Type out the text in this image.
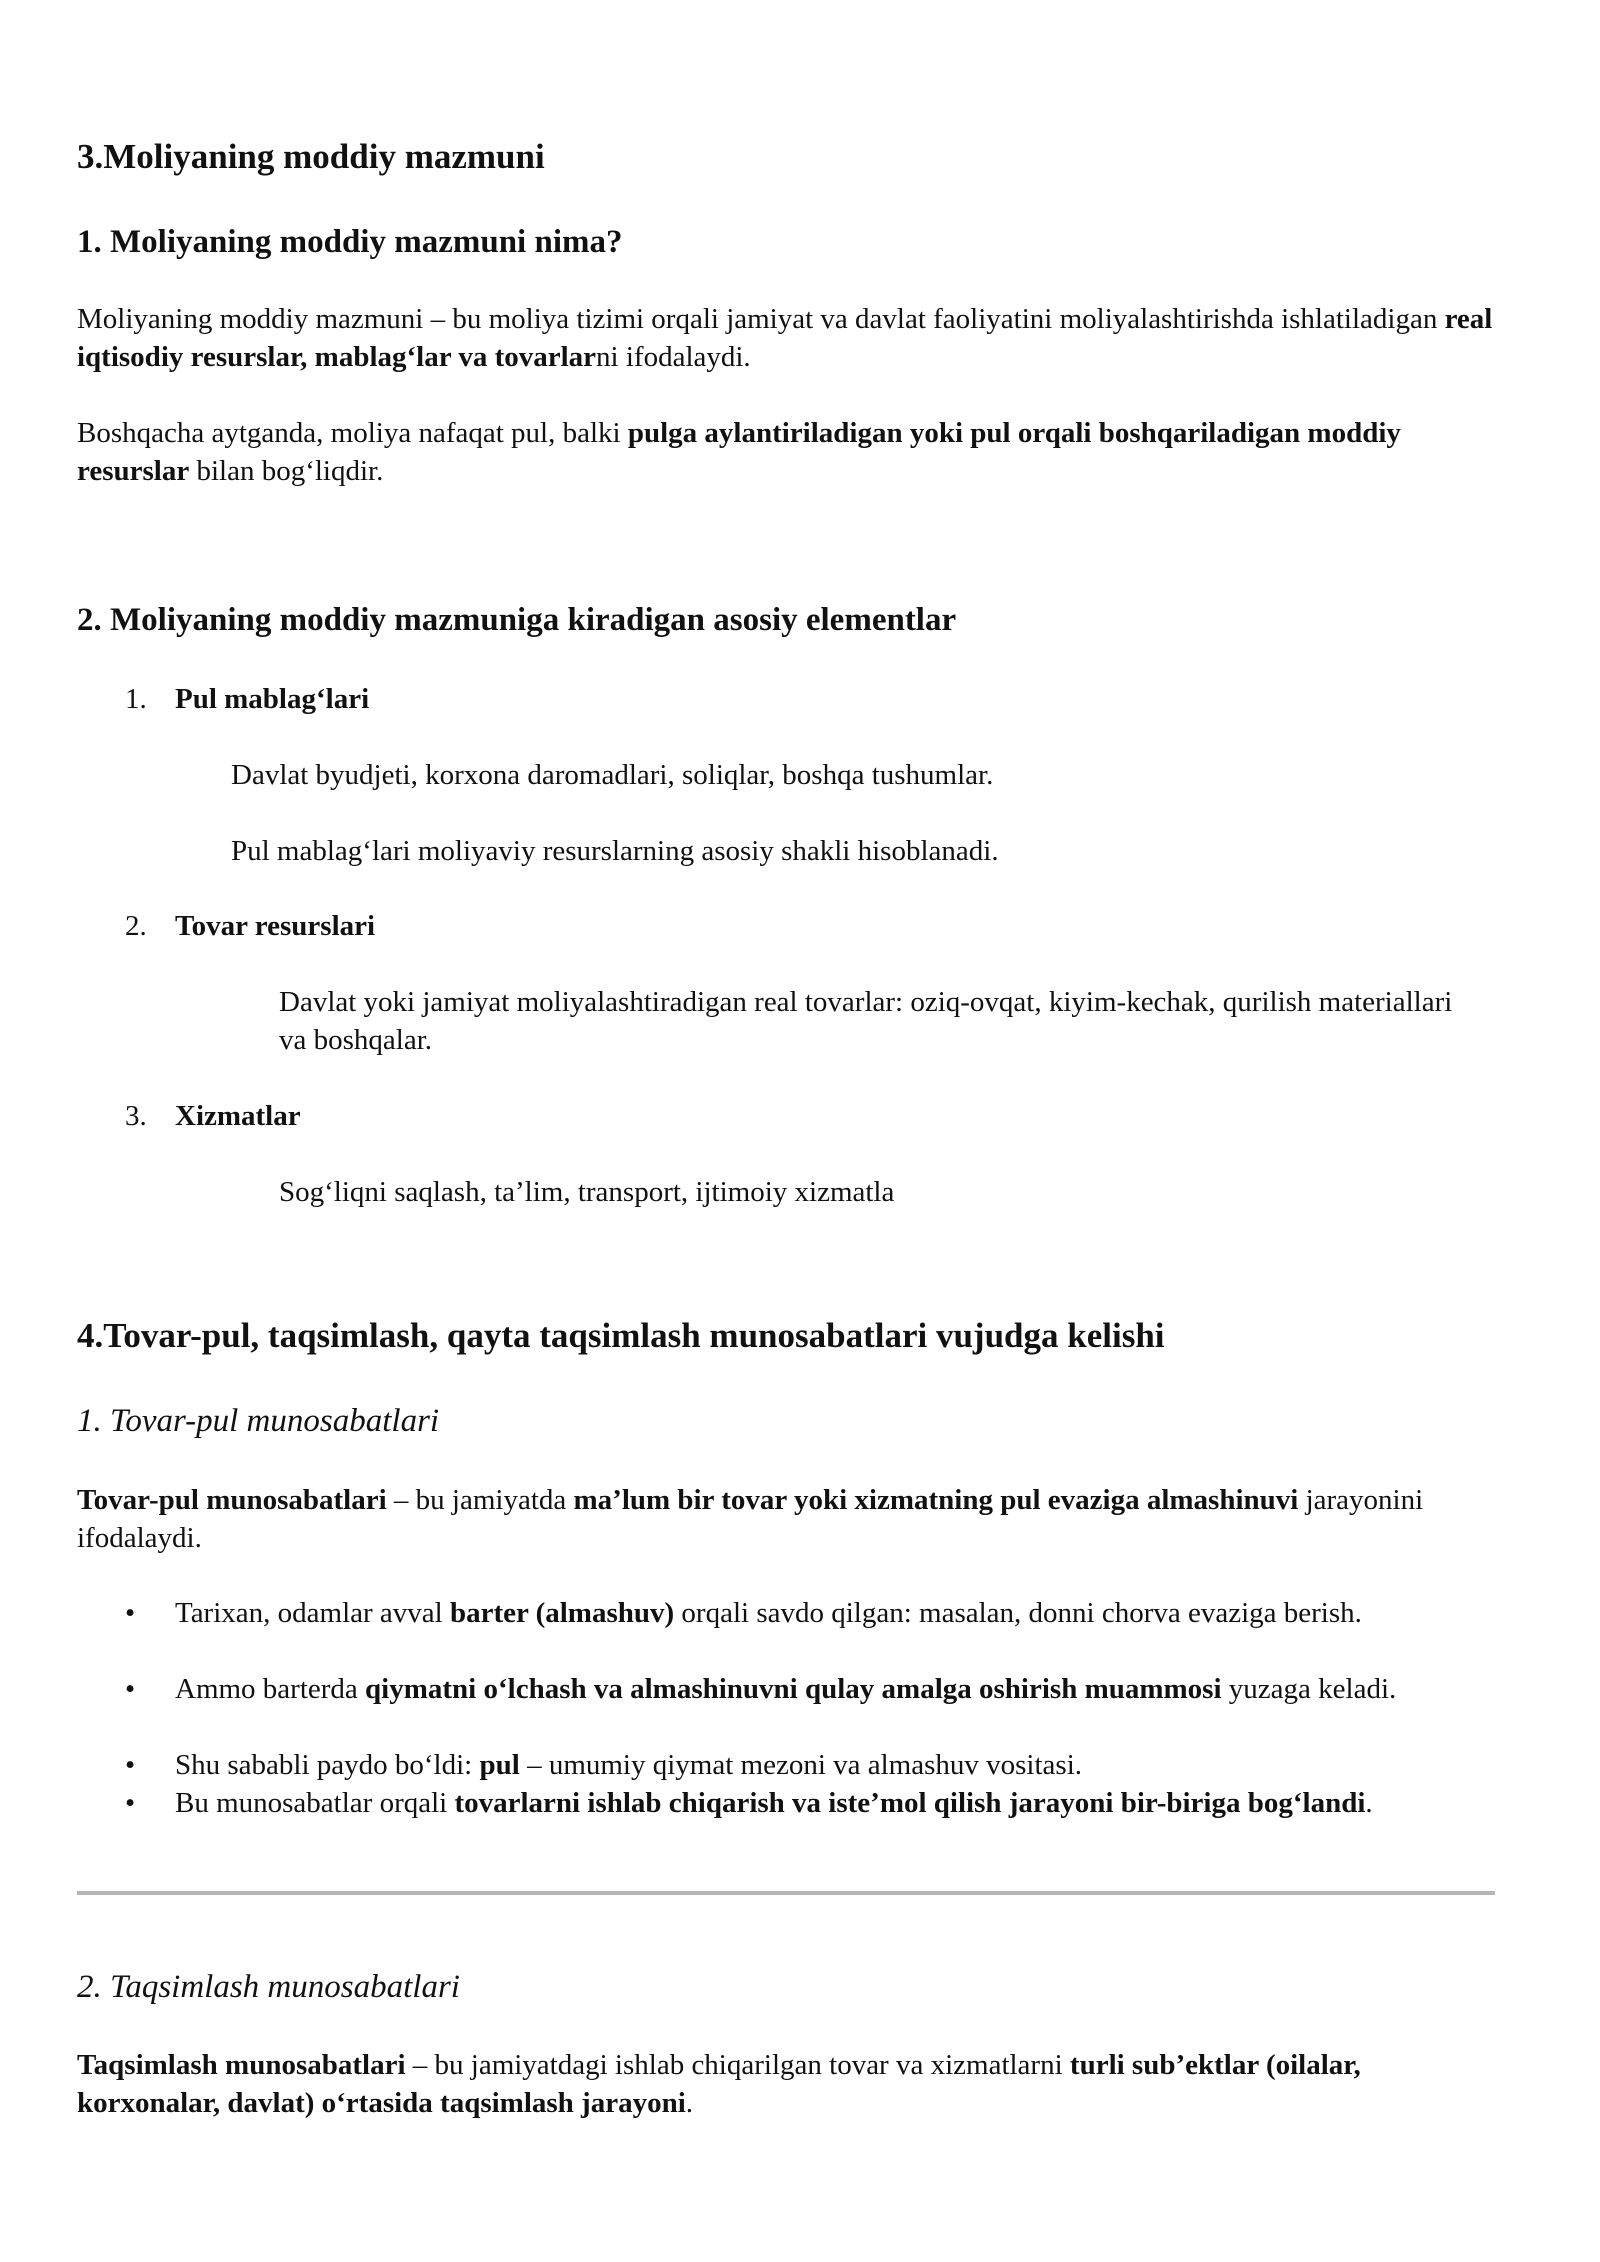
3.Moliyaning moddiy mazmuni
1. Moliyaning moddiy mazmuni nima?

Moliyaning moddiy mazmuni – bu moliya tizimi orqali jamiyat va davlat faoliyatini moliyalashtirishda ishlatiladigan real iqtisodiy resurslar, mablag‘lar va tovarlarni ifodalaydi.

Boshqacha aytganda, moliya nafaqat pul, balki pulga aylantiriladigan yoki pul orqali boshqariladigan moddiy resurslar bilan bog‘liqdir.

2. Moliyaning moddiy mazmuniga kiradigan asosiy elementlar
1. Pul mablag‘lari

Davlat byudjeti, korxona daromadlari, soliqlar, boshqa tushumlar.

Pul mablag‘lari moliyaviy resurslarning asosiy shakli hisoblanadi.

2. Tovar resurslari

Davlat yoki jamiyat moliyalashtiradigan real tovarlar: oziq-ovqat, kiyim-kechak, qurilish materiallari va boshqalar.

3. Xizmatlar

Sog‘liqni saqlash, ta’lim, transport, ijtimoiy xizmatla

4.Tovar-pul, taqsimlash, qayta taqsimlash munosabatlari vujudga kelishi
1. Tovar-pul munosabatlari

Tovar-pul munosabatlari – bu jamiyatda ma’lum bir tovar yoki xizmatning pul evaziga almashinuvi jarayonini ifodalaydi.

• Tarixan, odamlar avval barter (almashuv) orqali savdo qilgan: masalan, donni chorva evaziga berish.

• Ammo barterda qiymatni o‘lchash va almashinuvni qulay amalga oshirish muammosi yuzaga keladi.

• Shu sababli paydo bo‘ldi: pul – umumiy qiymat mezoni va almashuv vositasi.

• Bu munosabatlar orqali tovarlarni ishlab chiqarish va iste’mol qilish jarayoni bir-biriga bog‘landi.

2. Taqsimlash munosabatlari

Taqsimlash munosabatlari – bu jamiyatdagi ishlab chiqarilgan tovar va xizmatlarni turli sub’ektlar (oilalar, korxonalar, davlat) o‘rtasida taqsimlash jarayoni.
